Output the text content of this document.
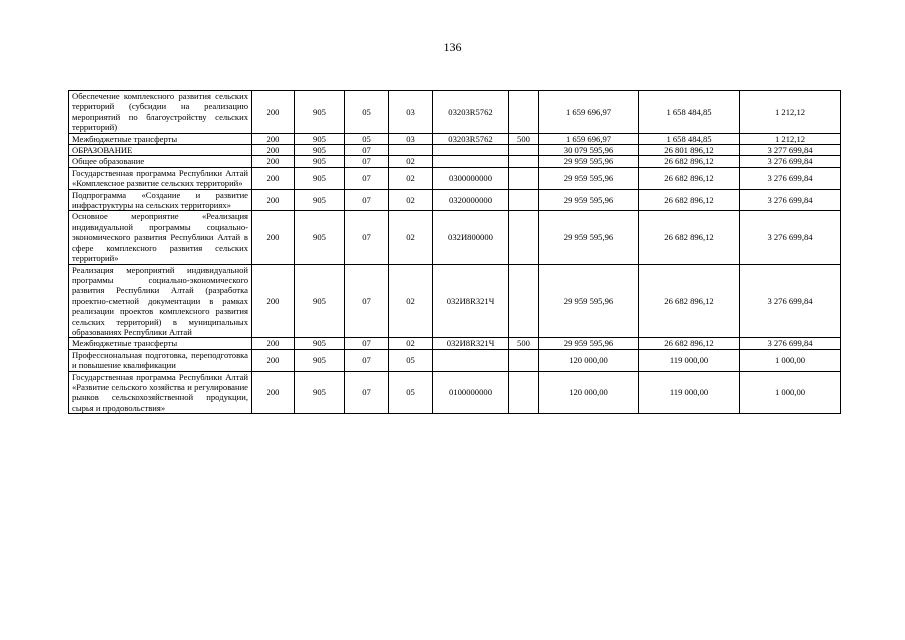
136
Обеспечение комплексного развития сельских территорий (субсидии на реализацию мероприятий по благоустройству сельских территорий)	200	905	05	03	03203R5762		1 659 696,97	1 658 484,85	1 212,12
Межбюджетные трансферты	200	905	05	03	03203R5762	500	1 659 696,97	1 658 484,85	1 212,12
ОБРАЗОВАНИЕ	200	905	07				30 079 595,96	26 801 896,12	3 277 699,84
Общее образование	200	905	07	02			29 959 595,96	26 682 896,12	3 276 699,84
Государственная программа Республики Алтай «Комплексное развитие сельских территорий»	200	905	07	02	0300000000		29 959 595,96	26 682 896,12	3 276 699,84
Подпрограмма «Создание и развитие инфраструктуры на сельских территориях»	200	905	07	02	0320000000		29 959 595,96	26 682 896,12	3 276 699,84
Основное мероприятие «Реализация индивидуальной программы социально-экономического развития Республики Алтай в сфере комплексного развития сельских территорий»	200	905	07	02	032И800000		29 959 595,96	26 682 896,12	3 276 699,84
Реализация мероприятий индивидуальной программы социально-экономического развития Республики Алтай (разработка проектно-сметной документации в рамках реализации проектов комплексного развития сельских территорий) в муниципальных образованиях Республики Алтай	200	905	07	02	032И8R321Ч		29 959 595,96	26 682 896,12	3 276 699,84
Межбюджетные трансферты	200	905	07	02	032И8R321Ч	500	29 959 595,96	26 682 896,12	3 276 699,84
Профессиональная подготовка, переподготовка и повышение квалификации	200	905	07	05			120 000,00	119 000,00	1 000,00
Государственная программа Республики Алтай «Развитие сельского хозяйства и регулирование рынков сельскохозяйственной продукции, сырья и продовольствия»	200	905	07	05	0100000000		120 000,00	119 000,00	1 000,00
